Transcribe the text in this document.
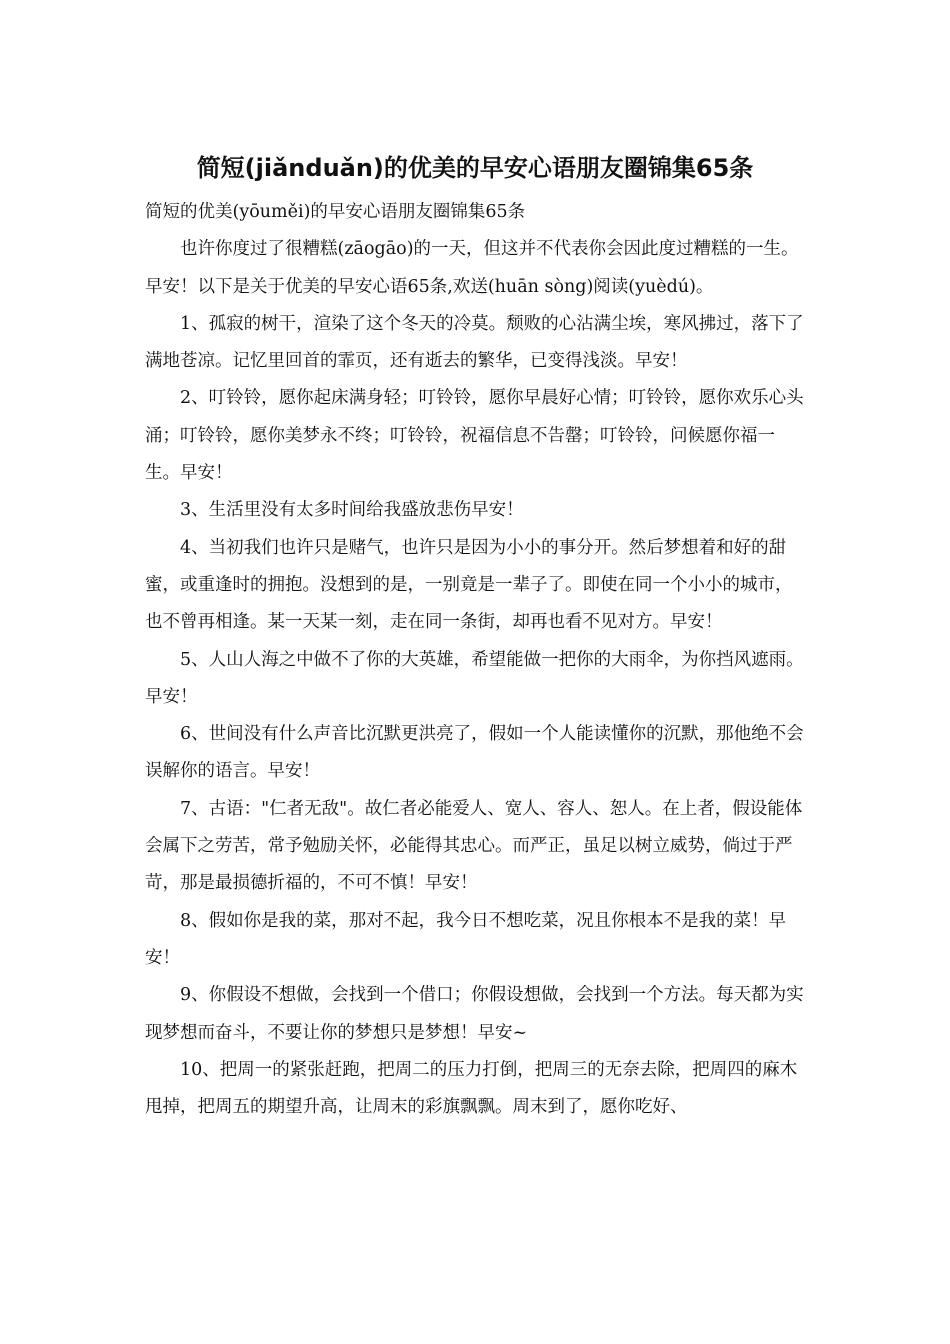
简短(jiǎnduǎn)的优美的早安心语朋友圈锦集65条

简短的优美(yōuměi)的早安心语朋友圈锦集65条

也许你度过了很糟糕(zāogāo)的一天，但这并不代表你会因此度过糟糕的一生。早安！以下是关于优美的早安心语65条,欢送(huān sòng)阅读(yuèdú)。

1、孤寂的树干，渲染了这个冬天的冷莫。颓败的心沾满尘埃，寒风拂过，落下了满地苍凉。记忆里回首的霏页，还有逝去的繁华，已变得浅淡。早安！

2、叮铃铃，愿你起床满身轻；叮铃铃，愿你早晨好心情；叮铃铃，愿你欢乐心头涌；叮铃铃，愿你美梦永不终；叮铃铃，祝福信息不告罄；叮铃铃，问候愿你福一生。早安！

3、生活里没有太多时间给我盛放悲伤早安！

4、当初我们也许只是赌气，也许只是因为小小的事分开。然后梦想着和好的甜蜜，或重逢时的拥抱。没想到的是，一别竟是一辈子了。即使在同一个小小的城市，也不曾再相逢。某一天某一刻，走在同一条街，却再也看不见对方。早安！

5、人山人海之中做不了你的大英雄，希望能做一把你的大雨伞，为你挡风遮雨。早安！

6、世间没有什么声音比沉默更洪亮了，假如一个人能读懂你的沉默，那他绝不会误解你的语言。早安！

7、古语："仁者无敌"。故仁者必能爱人、宽人、容人、恕人。在上者，假设能体会属下之劳苦，常予勉励关怀，必能得其忠心。而严正，虽足以树立威势，倘过于严苛，那是最损德折福的，不可不慎！早安！

8、假如你是我的菜，那对不起，我今日不想吃菜，况且你根本不是我的菜！早安！

9、你假设不想做，会找到一个借口；你假设想做，会找到一个方法。每天都为实现梦想而奋斗，不要让你的梦想只是梦想！早安~

10、把周一的紧张赶跑，把周二的压力打倒，把周三的无奈去除，把周四的麻木甩掉，把周五的期望升高，让周末的彩旗飘飘。周末到了，愿你吃好、
